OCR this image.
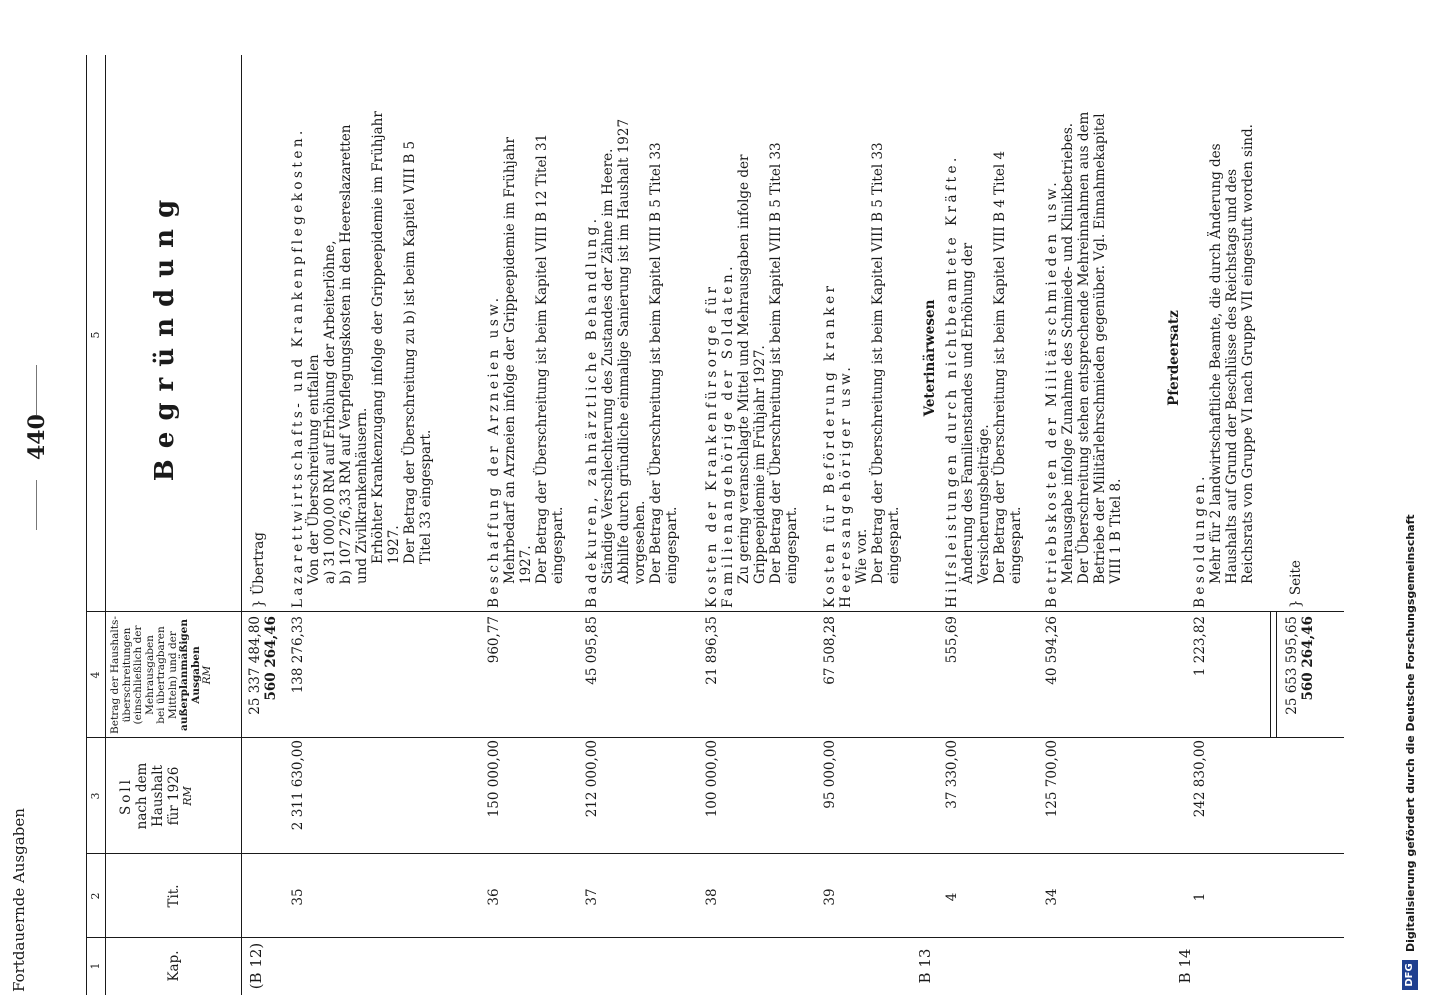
Fortdauernde Ausgaben
440
1
2
3
4
5
Kap.
Tit.
Soll nach dem Haushalt für 1926 RM
Betrag der Haushalts- überschreitungen (einschließlich der Mehrausgaben bei übertragbaren Mitteln) und der außerplanmäßigen Ausgaben RM
Begründung
(B 12)
25 337 484,80 560 264,46
} Übertrag
35
2 311 630,00
138 276,33

Lazarettwirtschafts- und Krankenpflegekosten. Von der Überschreitung entfallen a) 31 000,00 RM auf Erhöhung der Arbeiterlöhne, b) 107 276,33 RM auf Verpflegungskosten in den Heereslazaretten und Zivilkrankenhäusern. Erhöhter Krankenzugang infolge der Grippeepidemie im Frühjahr 1927. Der Betrag der Überschreitung zu b) ist beim Kapitel VIII B 5 Titel 33 eingespart.

36
150 000,00
960,77

Beschaffung der Arzneien usw. Mehrbedarf an Arzneien infolge der Grippeepidemie im Frühjahr 1927. Der Betrag der Überschreitung ist beim Kapitel VIII B 12 Titel 31 eingespart.

37
212 000,00
45 095,85

Badekuren, zahnärztliche Behandlung. Ständige Verschlechterung des Zustandes der Zähne im Heere. Abhilfe durch gründliche einmalige Sanierung ist im Haushalt 1927 vorgesehen. Der Betrag der Überschreitung ist beim Kapitel VIII B 5 Titel 33 eingespart.

38
100 000,00
21 896,35

Kosten der Krankenfürsorge für Familienangehörige der Soldaten. Zu gering veranschlagte Mittel und Mehrausgaben infolge der Grippeepidemie im Frühjahr 1927. Der Betrag der Überschreitung ist beim Kapitel VIII B 5 Titel 33 eingespart.

39
95 000,00
67 508,28

Kosten für Beförderung kranker Heeresangehöriger usw. Wie vor. Der Betrag der Überschreitung ist beim Kapitel VIII B 5 Titel 33 eingespart.

B 13
Veterinärwesen
4
37 330,00
555,69

Hilfsleistungen durch nichtbeamtete Kräfte. Änderung des Familienstandes und Erhöhung der Versicherungsbeiträge. Der Betrag der Überschreitung ist beim Kapitel VIII B 4 Titel 4 eingespart.

34
125 700,00
40 594,26

Betriebskosten der Militärschmieden usw. Mehrausgabe infolge Zunahme des Schmiede- und Klinikbetriebes. Der Überschreitung stehen entsprechende Mehreinnahmen aus dem Betriebe der Militärlehrschmieden gegenüber. Vgl. Einnahmekapitel VIII 1 B Titel 8.

B 14
Pferdeersatz
1
242 830,00
1 223,82

Besoldungen. Mehr für 2 landwirtschaftliche Beamte, die durch Änderung des Haushalts auf Grund der Beschlüsse des Reichstags und des Reichsrats von Gruppe VI nach Gruppe VII eingestuft worden sind.

25 653 595,65 560 264,46
} Seite
DFG
Digitalisierung gefördert durch die Deutsche Forschungsgemeinschaft
